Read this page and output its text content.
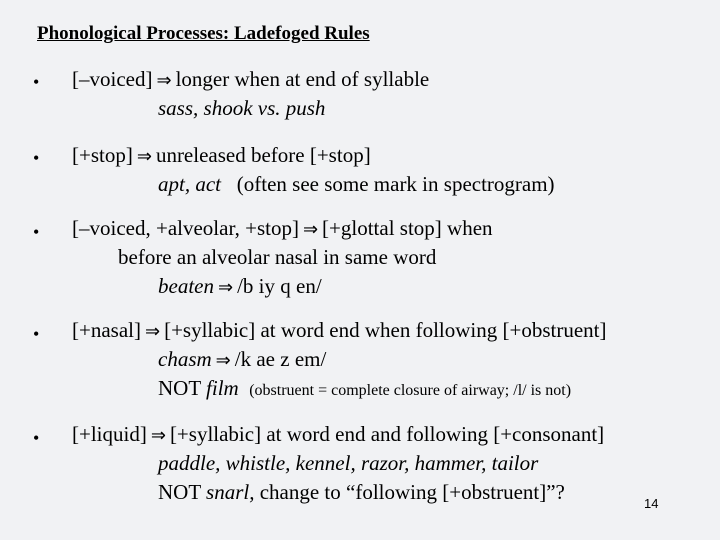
Phonological Processes: Ladefoged Rules
• [–voiced] ⇒ longer when at end of syllable
sass, shook vs. push
• [+stop] ⇒ unreleased before [+stop]
apt, act (often see some mark in spectrogram)
• [–voiced, +alveolar, +stop] ⇒ [+glottal stop] when
before an alveolar nasal in same word
beaten ⇒ /b iy q en/
• [+nasal] ⇒ [+syllabic] at word end when following [+obstruent]
chasm ⇒ /k ae z em/
NOT film (obstruent = complete closure of airway; /l/ is not)
• [+liquid] ⇒ [+syllabic] at word end and following [+consonant]
paddle, whistle, kennel, razor, hammer, tailor
NOT snarl, change to “following [+obstruent]”?	14
